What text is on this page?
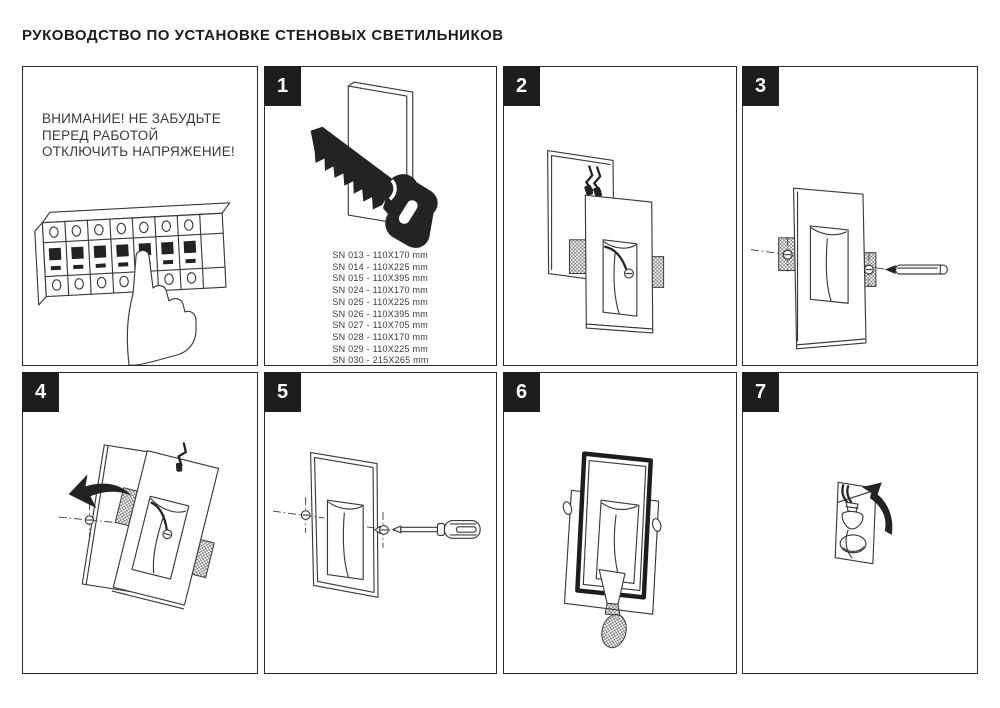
РУКОВОДСТВО ПО УСТАНОВКЕ СТЕНОВЫХ СВЕТИЛЬНИКОВ
ВНИМАНИЕ! НЕ ЗАБУДЬТЕ
ПЕРЕД РАБОТОЙ
ОТКЛЮЧИТЬ НАПРЯЖЕНИЕ!
1
SN 013 - 110X170 mm
SN 014 - 110X225 mm
SN 015 - 110X395 mm
SN 024 - 110X170 mm
SN 025 - 110X225 mm
SN 026 - 110X395 mm
SN 027 - 110X705 mm
SN 028 - 110X170 mm
SN 029 - 110X225 mm
SN 030 - 215X265 mm
2	3
4	5	6	7
